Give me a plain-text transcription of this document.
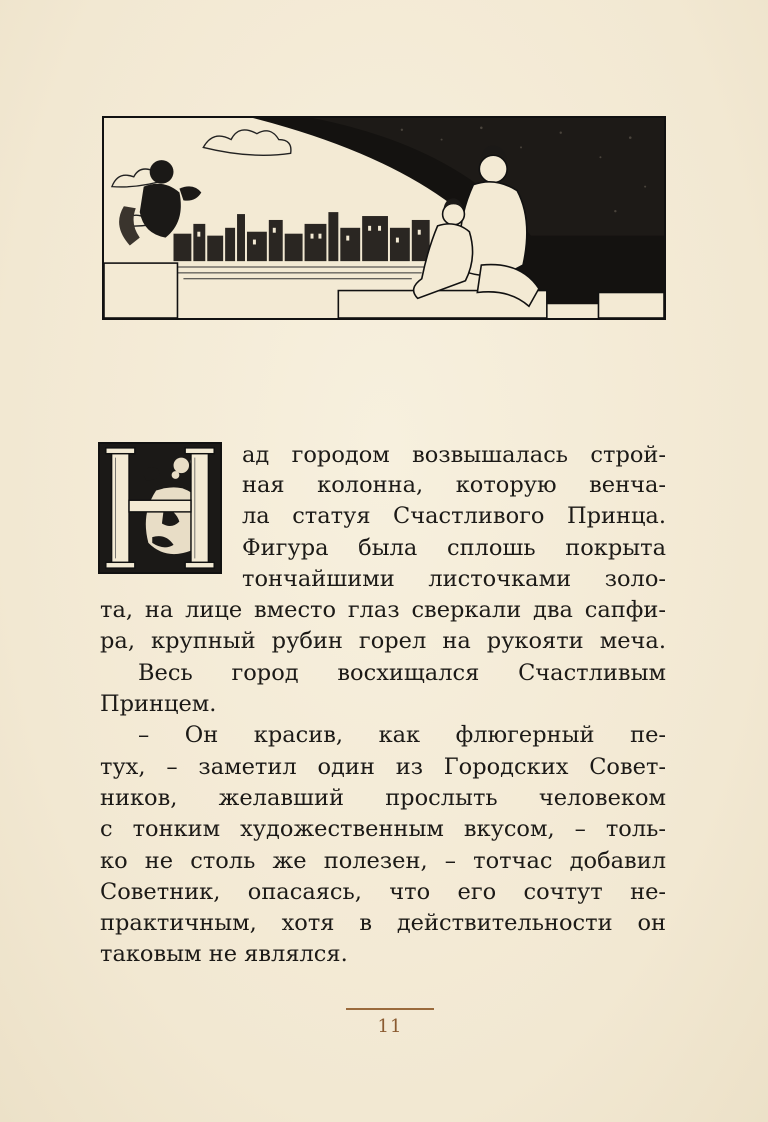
ад городом возвышалась строй-
ная колонна, которую венча-
ла статуя Счастливого Принца.
Фигура была сплошь покрыта
тончайшими листочками золо-
та, на лице вместо глаз сверкали два сапфи-
ра, крупный рубин горел на рукояти меча.
Весь город восхищался Счастливым
Принцем.
– Он красив, как флюгерный пе-
тух, – заметил один из Городских Совет-
ников, желавший прослыть человеком
с тонким художественным вкусом, – толь-
ко не столь же полезен, – тотчас добавил
Советник, опасаясь, что его сочтут не-
практичным, хотя в действительности он
таковым не являлся.
11
